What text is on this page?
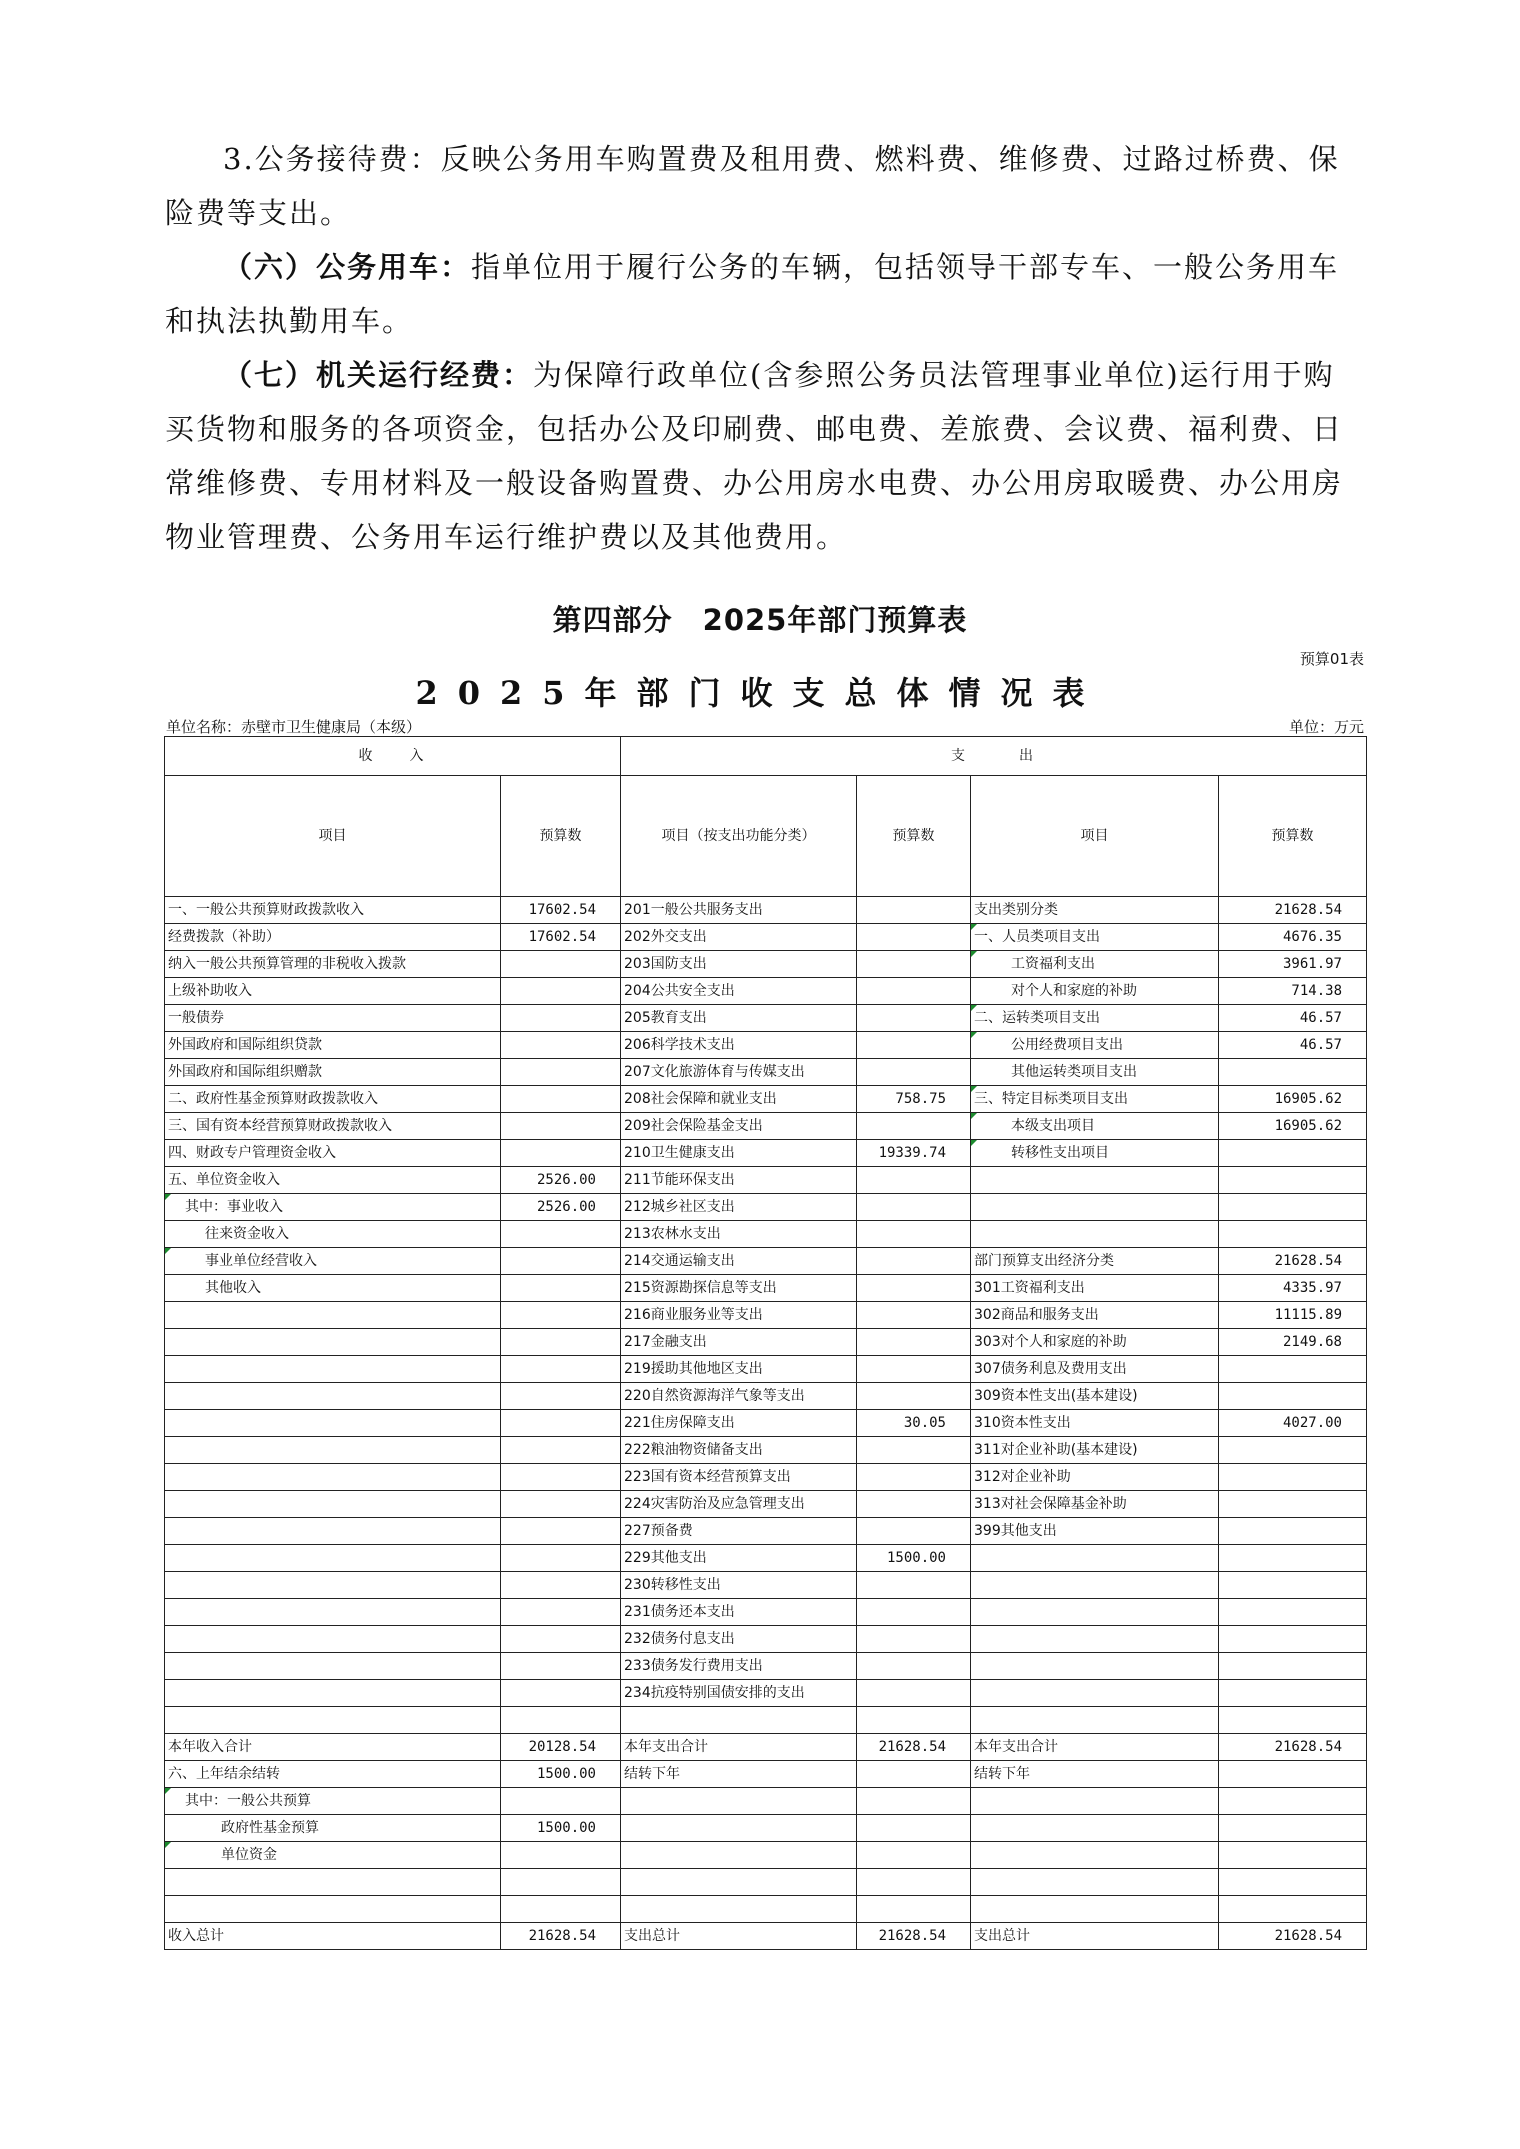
3.公务接待费：反映公务用车购置费及租用费、燃料费、维修费、过路过桥费、保险费等支出。

（六）公务用车：指单位用于履行公务的车辆，包括领导干部专车、一般公务用车和执法执勤用车。

（七）机关运行经费：为保障行政单位(含参照公务员法管理事业单位)运行用于购买货物和服务的各项资金，包括办公及印刷费、邮电费、差旅费、会议费、福利费、日常维修费、专用材料及一般设备购置费、办公用房水电费、办公用房取暖费、办公用房物业管理费、公务用车运行维护费以及其他费用。

第四部分　2025年部门预算表
预算01表
2025年部门收支总体情况表
单位名称：赤壁市卫生健康局（本级）	单位：万元
收　　入		支　　　出			
项目	预算数	项目（按支出功能分类）	预算数	项目	预算数
一、一般公共预算财政拨款收入	17602.54	201一般公共服务支出		支出类别分类	21628.54
经费拨款（补助）	17602.54	202外交支出		一、人员类项目支出	4676.35
纳入一般公共预算管理的非税收入拨款		203国防支出		工资福利支出	3961.97
上级补助收入		204公共安全支出		对个人和家庭的补助	714.38
一般债券		205教育支出		二、运转类项目支出	46.57
外国政府和国际组织贷款		206科学技术支出		公用经费项目支出	46.57
外国政府和国际组织赠款		207文化旅游体育与传媒支出		其他运转类项目支出	
二、政府性基金预算财政拨款收入		208社会保障和就业支出	758.75	三、特定目标类项目支出	16905.62
三、国有资本经营预算财政拨款收入		209社会保险基金支出		本级支出项目	16905.62
四、财政专户管理资金收入		210卫生健康支出	19339.74	转移性支出项目	
五、单位资金收入	2526.00	211节能环保支出			
其中：事业收入	2526.00	212城乡社区支出			
往来资金收入		213农林水支出			
事业单位经营收入		214交通运输支出		部门预算支出经济分类	21628.54
其他收入		215资源勘探信息等支出		301工资福利支出	4335.97
		216商业服务业等支出		302商品和服务支出	11115.89
		217金融支出		303对个人和家庭的补助	2149.68
		219援助其他地区支出		307债务利息及费用支出	
		220自然资源海洋气象等支出		309资本性支出(基本建设)	
		221住房保障支出	30.05	310资本性支出	4027.00
		222粮油物资储备支出		311对企业补助(基本建设)	
		223国有资本经营预算支出		312对企业补助	
		224灾害防治及应急管理支出		313对社会保障基金补助	
		227预备费		399其他支出	
		229其他支出	1500.00		
		230转移性支出			
		231债务还本支出			
		232债务付息支出			
		233债务发行费用支出			
		234抗疫特别国债安排的支出			

本年收入合计	20128.54	本年支出合计	21628.54	本年支出合计	21628.54
六、上年结余结转	1500.00	结转下年		结转下年	
其中：一般公共预算					
政府性基金预算	1500.00				
单位资金					

收入总计	21628.54	支出总计	21628.54	支出总计	21628.54
